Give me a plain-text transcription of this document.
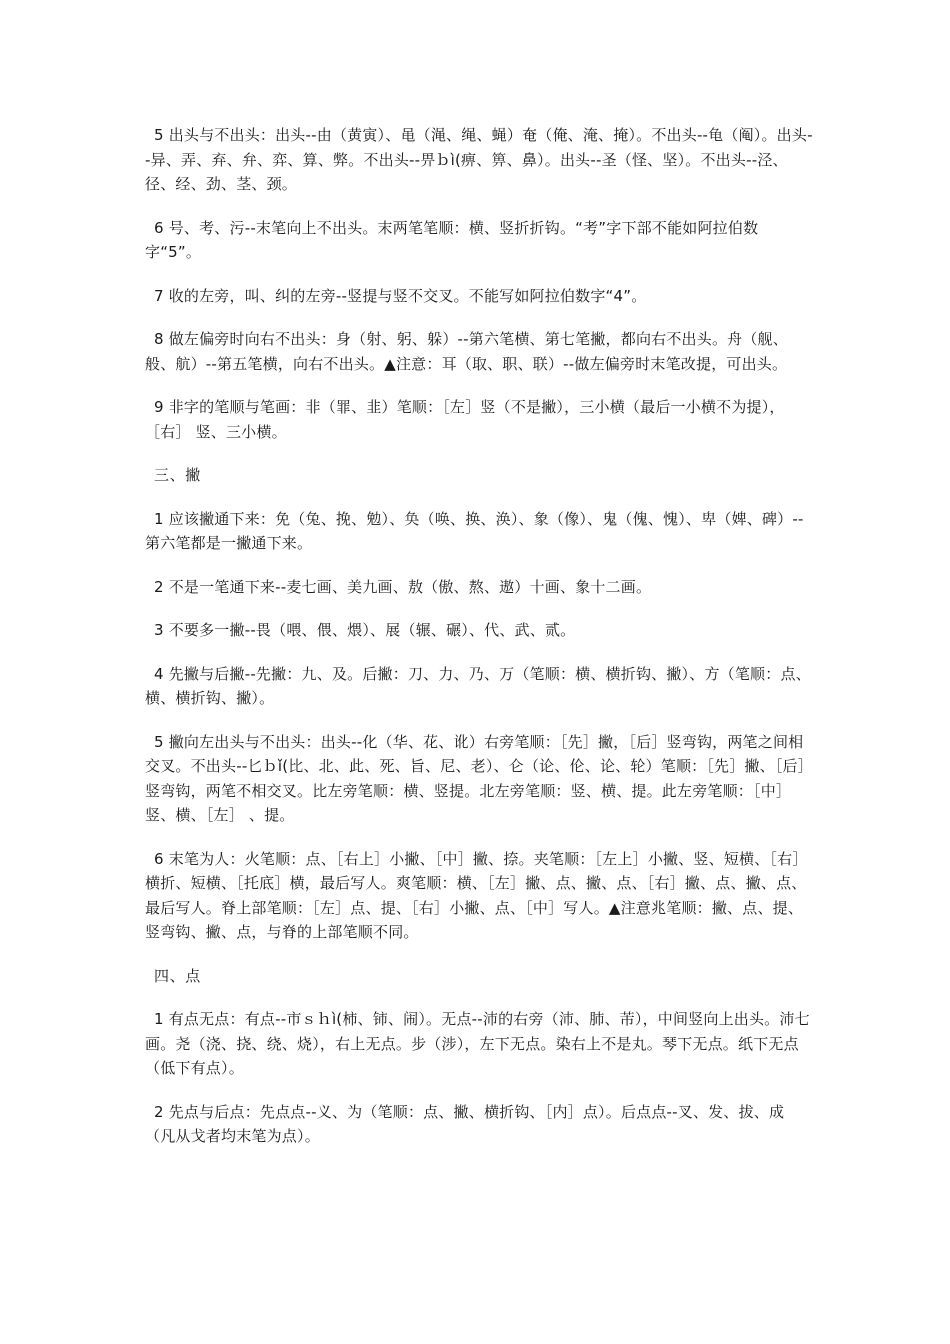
5 出头与不出头：出头--由（黄寅）、黾（渑、绳、蝇）奄（俺、淹、掩）。不出头--龟（阄）。出头--异、弄、弃、弁、弈、算、弊。不出头--畀ｂì(痹、箅、鼻）。出头--圣（怪、坚）。不出头--泾、径、经、劲、茎、颈。

6 号、考、污--末笔向上不出头。末两笔笔顺：横、竖折折钩。“考”字下部不能如阿拉伯数字“5”。

7 收的左旁，叫、纠的左旁--竖提与竖不交叉。不能写如阿拉伯数字“4”。

8 做左偏旁时向右不出头：身（射、躬、躲）--第六笔横、第七笔撇，都向右不出头。舟（舰、般、航）--第五笔横，向右不出头。▲注意：耳（取、职、联）--做左偏旁时末笔改提，可出头。

9 非字的笔顺与笔画：非（罪、韭）笔顺：［左］竖（不是撇），三小横（最后一小横不为提），［右］ 竖、三小横。

三、撇

1 应该撇通下来：免（兔、挽、勉）、奂（唤、换、涣）、象（像）、鬼（傀、愧）、卑（婢、碑）--第六笔都是一撇通下来。

2 不是一笔通下来--麦七画、美九画、敖（傲、熬、遨）十画、象十二画。

3 不要多一撇--畏（喂、偎、煨）、展（辗、碾）、代、武、贰。

4 先撇与后撇--先撇：九、及。后撇：刀、力、乃、万（笔顺：横、横折钩、撇）、方（笔顺：点、横、横折钩、撇）。

5 撇向左出头与不出头：出头--化（华、花、讹）右旁笔顺：［先］撇，［后］竖弯钩，两笔之间相交叉。不出头--匕ｂǐ(比、北、此、死、旨、尼、老）、仑（论、伦、论、轮）笔顺：［先］撇、［后］竖弯钩，两笔不相交叉。比左旁笔顺：横、竖提。北左旁笔顺：竖、横、提。此左旁笔顺：［中］竖、横、［左］ 、提。

6 末笔为人：火笔顺：点、［右上］小撇、［中］撇、捺。夹笔顺：［左上］小撇、竖、短横、［右］横折、短横、［托底］横，最后写人。爽笔顺：横、［左］撇、点、撇、点、［右］撇、点、撇、点、最后写人。脊上部笔顺：［左］点、提、［右］小撇、点、［中］写人。▲注意兆笔顺：撇、点、提、竖弯钩、撇、点，与脊的上部笔顺不同。

四、点

1 有点无点：有点--市ｓｈì(柿、铈、闹）。无点--沛的右旁（沛、肺、芾），中间竖向上出头。沛七画。尧（浇、挠、绕、烧），右上无点。步（涉），左下无点。染右上不是丸。琴下无点。纸下无点（低下有点）。

2 先点与后点：先点点--义、为（笔顺：点、撇、横折钩、［内］点）。后点点--叉、发、拔、成（凡从戈者均末笔为点）。
